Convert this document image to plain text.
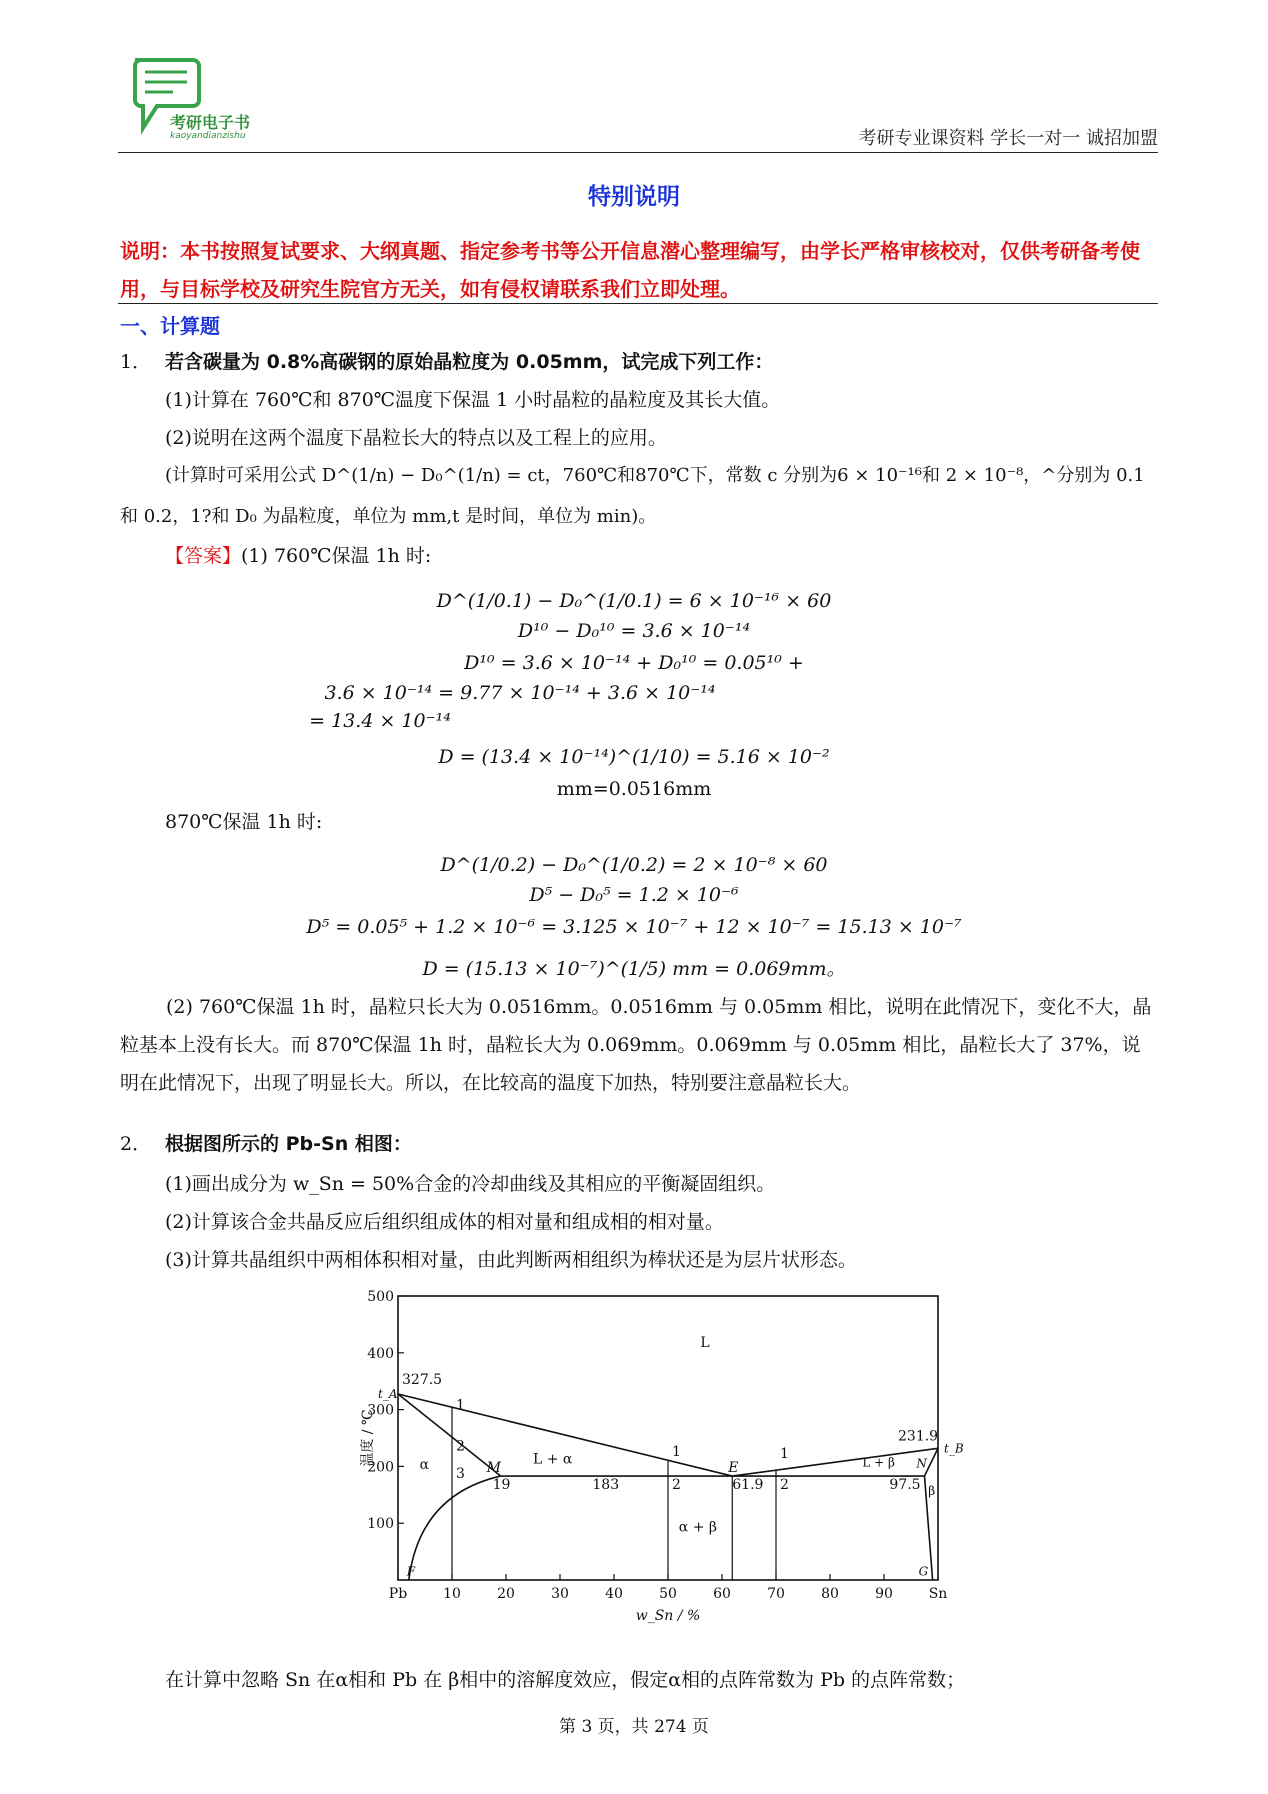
考研电子书
kaoyandianzishu	考研专业课资料 学长一对一 诚招加盟
特别说明
说明：本书按照复试要求、大纲真题、指定参考书等公开信息潜心整理编写，由学长严格审核校对，仅供考研备考使用，与目标学校及研究生院官方无关，如有侵权请联系我们立即处理。
一、计算题
1． 若含碳量为 0.8%高碳钢的原始晶粒度为 0.05mm，试完成下列工作：
(1)计算在 760℃和 870℃温度下保温 1 小时晶粒的晶粒度及其长大值。
(2)说明在这两个温度下晶粒长大的特点以及工程上的应用。
(计算时可采用公式 D^(1/n) − D₀^(1/n) = ct，760℃和870℃下，常数 c 分别为6 × 10⁻¹⁶和 2 × 10⁻⁸，^分别为 0.1
和 0.2，1?和 D₀ 为晶粒度，单位为 mm,t 是时间，单位为 min)。
【答案】(1) 760℃保温 1h 时:
D^(1/0.1) − D₀^(1/0.1) = 6 × 10⁻¹⁶ × 60
D¹⁰ − D₀¹⁰ = 3.6 × 10⁻¹⁴
D¹⁰ = 3.6 × 10⁻¹⁴ + D₀¹⁰ = 0.05¹⁰ +
3.6 × 10⁻¹⁴ = 9.77 × 10⁻¹⁴ + 3.6 × 10⁻¹⁴
= 13.4 × 10⁻¹⁴
D = (13.4 × 10⁻¹⁴)^(1/10) = 5.16 × 10⁻²
mm=0.0516mm
870℃保温 1h 时:
D^(1/0.2) − D₀^(1/0.2) = 2 × 10⁻⁸ × 60
D⁵ − D₀⁵ = 1.2 × 10⁻⁶
D⁵ = 0.05⁵ + 1.2 × 10⁻⁶ = 3.125 × 10⁻⁷ + 12 × 10⁻⁷ = 15.13 × 10⁻⁷
D = (15.13 × 10⁻⁷)^(1/5) mm = 0.069mm。
(2) 760℃保温 1h 时，晶粒只长大为 0.0516mm。0.0516mm 与 0.05mm 相比，说明在此情况下，变化不大，晶粒基本上没有长大。而 870℃保温 1h 时，晶粒长大为 0.069mm。0.069mm 与 0.05mm 相比，晶粒长大了 37%，说明在此情况下，出现了明显长大。所以，在比较高的温度下加热，特别要注意晶粒长大。
2． 根据图所示的 Pb-Sn 相图：
(1)画出成分为 w_Sn = 50%合金的冷却曲线及其相应的平衡凝固组织。
(2)计算该合金共晶反应后组织组成体的相对量和组成相的相对量。
(3)计算共晶组织中两相体积相对量，由此判断两相组织为棒状还是为层片状形态。
Pb	10	20	30	40	50	60	70	80	90	Sn
100
200
300
400
500
w_Sn / %
温度 / ℃
t_A
327.5
t_B
231.9
L
L + α	L + β
α
β
α + β
M	E	N
F	G
19	183	61.9	97.5
1
2
3
1
2
1
2
在计算中忽略 Sn 在α相和 Pb 在 β相中的溶解度效应，假定α相的点阵常数为 Pb 的点阵常数；
第 3 页，共 274 页
